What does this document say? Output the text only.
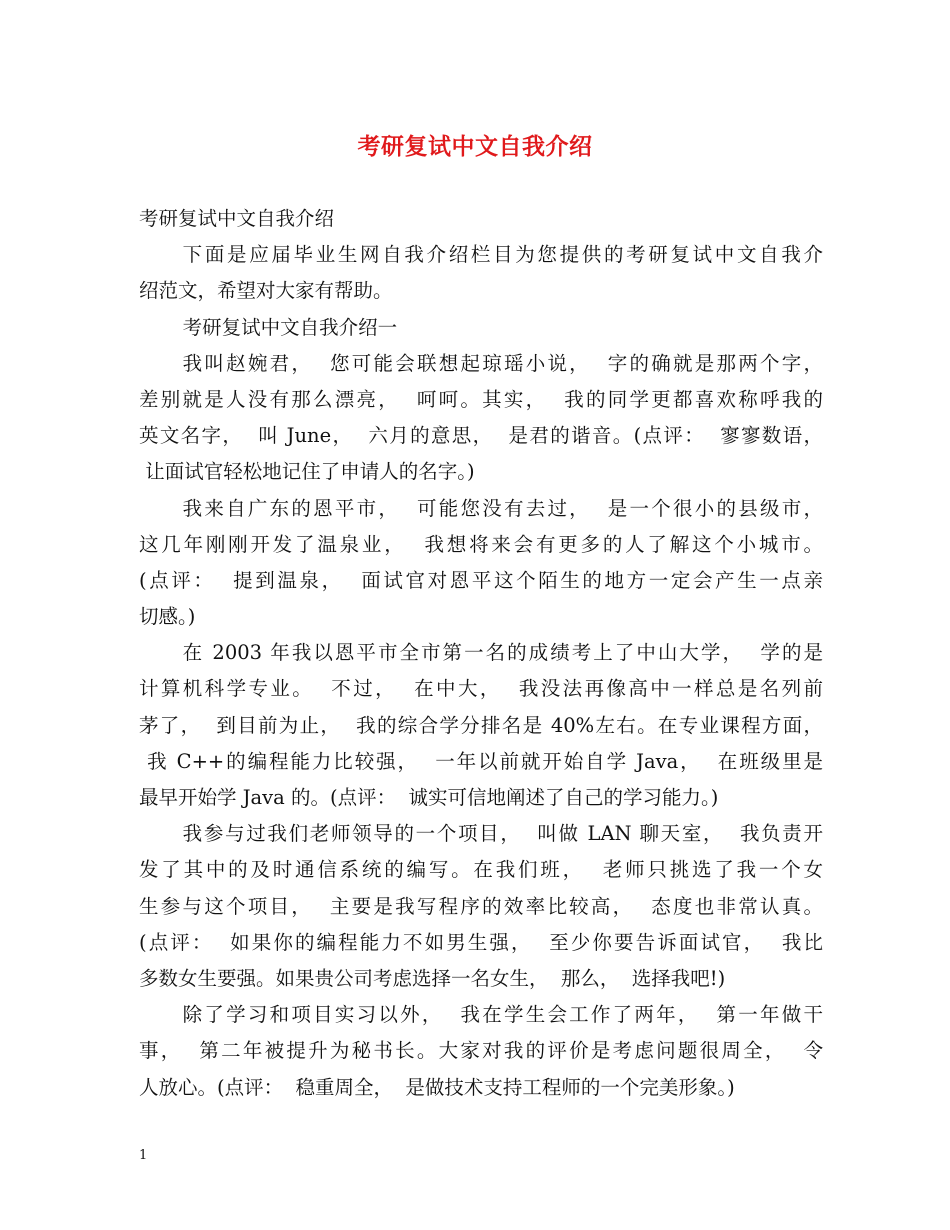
考研复试中文自我介绍
考研复试中文自我介绍
下面是应届毕业生网自我介绍栏目为您提供的考研复试中文自我介
绍范文，希望对大家有帮助。
考研复试中文自我介绍一
我叫赵婉君，  您可能会联想起琼瑶小说，  字的确就是那两个字，
差别就是人没有那么漂亮，  呵呵。其实，  我的同学更都喜欢称呼我的
英文名字，  叫 June，  六月的意思，  是君的谐音。(点评：  寥寥数语，
让面试官轻松地记住了申请人的名字。)
我来自广东的恩平市，  可能您没有去过，  是一个很小的县级市，
这几年刚刚开发了温泉业，  我想将来会有更多的人了解这个小城市。
(点评：  提到温泉，  面试官对恩平这个陌生的地方一定会产生一点亲
切感。)
在 2003 年我以恩平市全市第一名的成绩考上了中山大学，  学的是
计算机科学专业。  不过，  在中大，  我没法再像高中一样总是名列前
茅了，  到目前为止，  我的综合学分排名是 40%左右。在专业课程方面，
我 C++的编程能力比较强，  一年以前就开始自学 Java，  在班级里是
最早开始学 Java 的。(点评：  诚实可信地阐述了自己的学习能力。)
我参与过我们老师领导的一个项目，  叫做 LAN 聊天室，  我负责开
发了其中的及时通信系统的编写。在我们班，  老师只挑选了我一个女
生参与这个项目，  主要是我写程序的效率比较高，  态度也非常认真。
(点评：  如果你的编程能力不如男生强，  至少你要告诉面试官，  我比
多数女生要强。如果贵公司考虑选择一名女生，  那么，  选择我吧!)
除了学习和项目实习以外，  我在学生会工作了两年，  第一年做干
事，  第二年被提升为秘书长。大家对我的评价是考虑问题很周全，  令
人放心。(点评：  稳重周全，  是做技术支持工程师的一个完美形象。)
1
